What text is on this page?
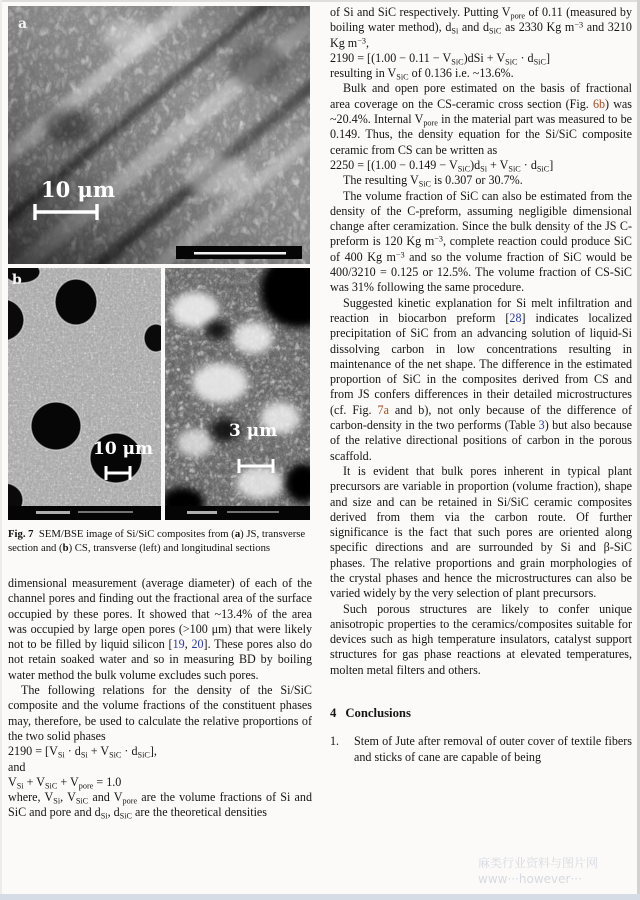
a
10 μm
b
10 μm
3 μm
Fig. 7  SEM/BSE image of Si/SiC composites from (a) JS, transverse section and (b) CS, transverse (left) and longitudinal sections

dimensional measurement (average diameter) of each of the channel pores and finding out the fractional area of the surface occupied by these pores. It showed that ~13.4% of the area was occupied by large open pores (>100 μm) that were likely not to be filled by liquid silicon [19, 20]. These pores also do not retain soaked water and so in measuring BD by boiling water method the bulk volume excludes such pores.

The following relations for the density of the Si/SiC composite and the volume fractions of the constituent phases may, therefore, be used to calculate the relative proportions of the two solid phases

$2190 = [V_{Si} \cdot d_{Si} + V_{SiC} \cdot d_{SiC}]$,

and

$V_{Si} + V_{SiC} + V_{pore} = 1.0$

where, $V_{Si}$, $V_{SiC}$ and $V_{pore}$ are the volume fractions of Si and SiC and pore and $d_{Si}$, $d_{SiC}$ are the theoretical densities

of Si and SiC respectively. Putting $V_{pore}$ of 0.11 (measured by boiling water method), $d_{Si}$ and $d_{SiC}$ as 2330 Kg $m^{-3}$ and 3210 Kg $m^{-3}$,

$2190 = [(1.00 - 0.11 - V_{SiC})dSi + V_{SiC} \cdot d_{SiC}]$

resulting in $V_{SiC}$ of 0.136 i.e. ~13.6%.

Bulk and open pore estimated on the basis of fractional area coverage on the CS-ceramic cross section (Fig. 6b) was ~20.4%. Internal $V_{pore}$ in the material part was measured to be 0.149. Thus, the density equation for the Si/SiC composite ceramic from CS can be written as

$2250 = [(1.00 - 0.149 - V_{SiC})d_{Si} + V_{SiC} \cdot d_{SiC}]$

The resulting $V_{SiC}$ is 0.307 or 30.7%.

The volume fraction of SiC can also be estimated from the density of the C-preform, assuming negligible dimensional change after ceramization. Since the bulk density of the JS C-preform is 120 Kg $m^{-3}$, complete reaction could produce SiC of 400 Kg $m^{-3}$ and so the volume fraction of SiC would be 400/3210 = 0.125 or 12.5%. The volume fraction of CS-SiC was 31% following the same procedure.

Suggested kinetic explanation for Si melt infiltration and reaction in biocarbon preform [28] indicates localized precipitation of SiC from an advancing solution of liquid-Si dissolving carbon in low concentrations resulting in maintenance of the net shape. The difference in the estimated proportion of SiC in the composites derived from CS and from JS confers differences in their detailed microstructures (cf. Fig. 7a and b), not only because of the difference of carbon-density in the two performs (Table 3) but also because of the relative directional positions of carbon in the porous scaffold.

It is evident that bulk pores inherent in typical plant precursors are variable in proportion (volume fraction), shape and size and can be retained in Si/SiC ceramic composites derived from them via the carbon route. Of further significance is the fact that such pores are oriented along specific directions and are surrounded by Si and β-SiC phases. The relative proportions and grain morphologies of the crystal phases and hence the microstructures can also be varied widely by the very selection of plant precursors.

Such porous structures are likely to confer unique anisotropic properties to the ceramics/composites suitable for devices such as high temperature insulators, catalyst support structures for gas phase reactions at elevated temperatures, molten metal filters and others.

4 Conclusions
1.	Stem of Jute after removal of outer cover of textile fibers and sticks of cane are capable of being
麻类行业资料与图片网
www···however···
